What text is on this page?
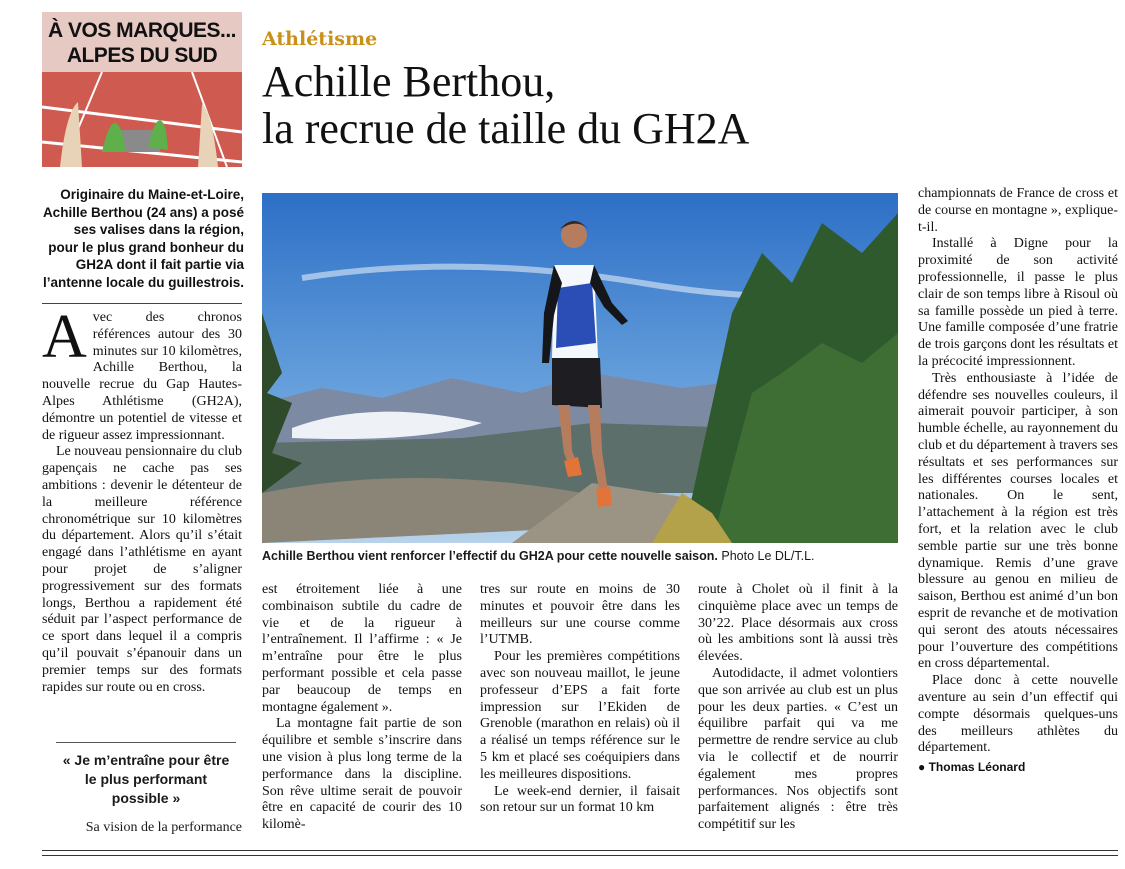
À VOS MARQUES...
ALPES DU SUD
Athlétisme
Achille Berthou,
la recrue de taille du GH2A
Originaire du Maine-et-Loire, Achille Berthou (24 ans) a posé ses valises dans la région, pour le plus grand bonheur du GH2A dont il fait partie via l’antenne locale du guillestrois.

Avec des chronos références autour des 30 minutes sur 10 kilomètres, Achille Berthou, la nouvelle recrue du Gap Hautes-Alpes Athlétisme (GH2A), démontre un potentiel de vitesse et de rigueur assez impressionnant.

Le nouveau pensionnaire du club gapençais ne cache pas ses ambitions : devenir le détenteur de la meilleure référence chronométrique sur 10 kilomètres du département. Alors qu’il s’était engagé dans l’athlétisme en ayant pour projet de s’aligner progressivement sur des formats longs, Berthou a rapidement été séduit par l’aspect performance de ce sport dans lequel il a compris qu’il pouvait s’épanouir dans un premier temps sur des formats rapides sur route ou en cross.

« Je m’entraîne pour être le plus performant possible »
Sa vision de la performance
Achille Berthou vient renforcer l’effectif du GH2A pour cette nouvelle saison. Photo Le DL/T.L.

est étroitement liée à une combinaison subtile du cadre de vie et de la rigueur à l’entraînement. Il l’affirme : « Je m’entraîne pour être le plus performant possible et cela passe par beaucoup de temps en montagne également ».

La montagne fait partie de son équilibre et semble s’inscrire dans une vision à plus long terme de la performance dans la discipline. Son rêve ultime serait de pouvoir être en capacité de courir des 10 kilomè-

tres sur route en moins de 30 minutes et pouvoir être dans les meilleurs sur une course comme l’UTMB.

Pour les premières compétitions avec son nouveau maillot, le jeune professeur d’EPS a fait forte impression sur l’Ekiden de Grenoble (marathon en relais) où il a réalisé un temps référence sur le 5 km et placé ses coéquipiers dans les meilleures dispositions.

Le week-end dernier, il faisait son retour sur un format 10 km

route à Cholet où il finit à la cinquième place avec un temps de 30’22. Place désormais aux cross où les ambitions sont là aussi très élevées.

Autodidacte, il admet volontiers que son arrivée au club est un plus pour les deux parties. « C’est un équilibre parfait qui va me permettre de rendre service au club via le collectif et de nourrir également mes propres performances. Nos objectifs sont parfaitement alignés : être très compétitif sur les

championnats de France de cross et de course en montagne », explique-t-il.

Installé à Digne pour la proximité de son activité professionnelle, il passe le plus clair de son temps libre à Risoul où sa famille possède un pied à terre. Une famille composée d’une fratrie de trois garçons dont les résultats et la précocité impressionnent.

Très enthousiaste à l’idée de défendre ses nouvelles couleurs, il aimerait pouvoir participer, à son humble échelle, au rayonnement du club et du département à travers ses résultats et ses performances sur les différentes courses locales et nationales. On le sent, l’attachement à la région est très fort, et la relation avec le club semble partie sur une très bonne dynamique. Remis d’une grave blessure au genou en milieu de saison, Berthou est animé d’un bon esprit de revanche et de motivation qui seront des atouts nécessaires pour l’ouverture des compétitions en cross départemental.

Place donc à cette nouvelle aventure au sein d’un effectif qui compte désormais quelques-uns des meilleurs athlètes du département.

● Thomas Léonard
